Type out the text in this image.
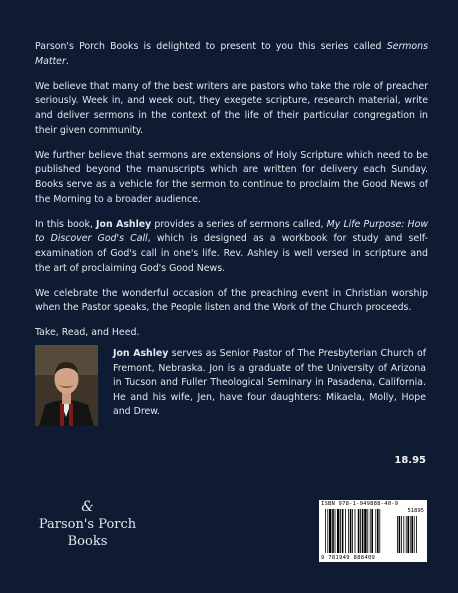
Parson's Porch Books is delighted to present to you this series called Sermons Matter.

We believe that many of the best writers are pastors who take the role of preacher seriously. Week in, and week out, they exegete scripture, research material, write and deliver sermons in the context of the life of their particular congregation in their given community.

We further believe that sermons are extensions of Holy Scripture which need to be published beyond the manuscripts which are written for delivery each Sunday. Books serve as a vehicle for the sermon to continue to proclaim the Good News of the Morning to a broader audience.

In this book, Jon Ashley provides a series of sermons called, My Life Purpose: How to Discover God's Call, which is designed as a workbook for study and self-examination of God's call in one's life. Rev. Ashley is well versed in scripture and the art of proclaiming God's Good News.

We celebrate the wonderful occasion of the preaching event in Christian worship when the Pastor speaks, the People listen and the Work of the Church proceeds.

Take, Read, and Heed.

Jon Ashley serves as Senior Pastor of The Presbyterian Church of Fremont, Nebraska. Jon is a graduate of the University of Arizona in Tucson and Fuller Theological Seminary in Pasadena, California. He and his wife, Jen, have four daughters: Mikaela, Molly, Hope and Drew.
18.95
&
Parson's Porch
Books
ISBN 978-1-949888-40-9
51895
9 781949 888409
